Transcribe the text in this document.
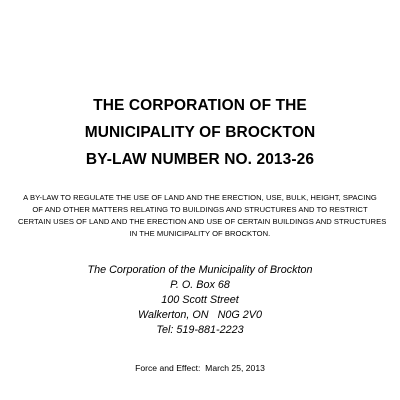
THE CORPORATION OF THE
MUNICIPALITY OF BROCKTON
BY-LAW NUMBER NO. 2013-26
A BY-LAW TO REGULATE THE USE OF LAND AND THE ERECTION, USE, BULK, HEIGHT, SPACING
OF AND OTHER MATTERS RELATING TO BUILDINGS AND STRUCTURES AND TO RESTRICT
CERTAIN USES OF LAND AND THE ERECTION AND USE OF CERTAIN BUILDINGS AND STRUCTURES
IN THE MUNICIPALITY OF BROCKTON.
The Corporation of the Municipality of Brockton
P. O. Box 68
100 Scott Street
Walkerton, ON   N0G 2V0
Tel: 519-881-2223
Force and Effect:  March 25, 2013
